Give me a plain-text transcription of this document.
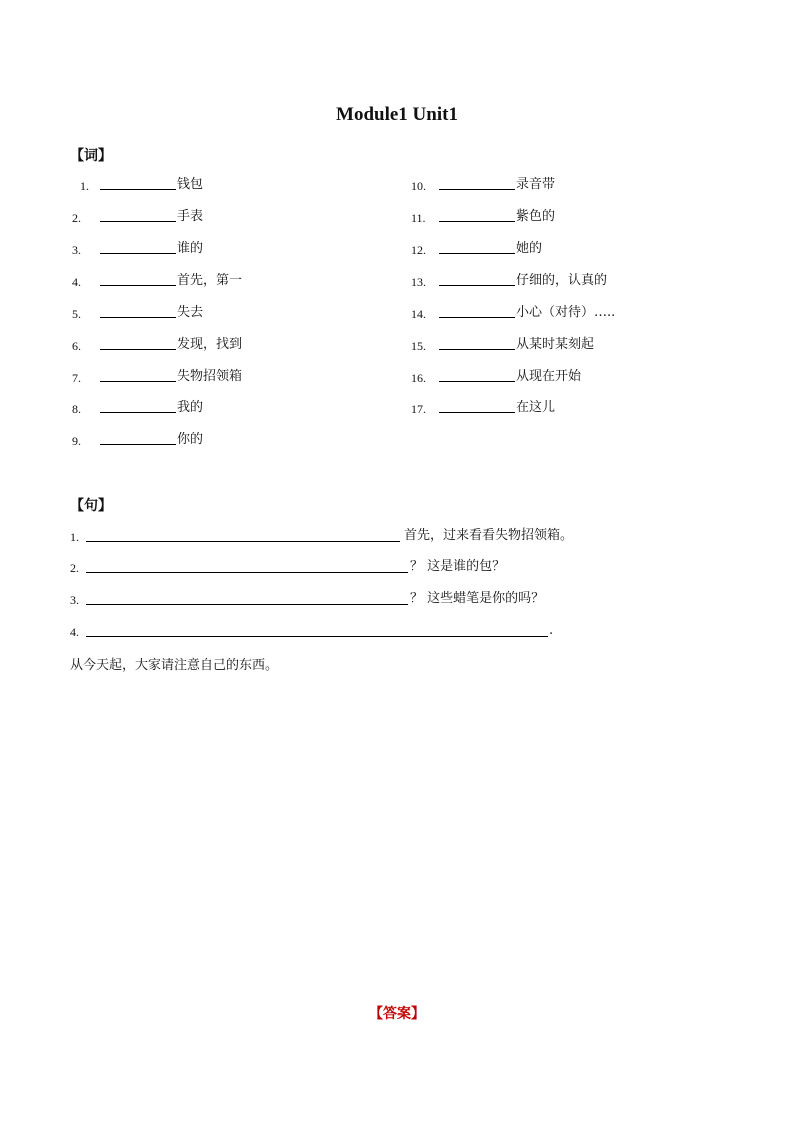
Module1 Unit1
【词】
1.	钱包
2.	手表
3.	谁的
4.	首先，第一
5.	失去
6.	发现，找到
7.	失物招领箱
8.	我的
9.	你的
10.	录音带
11.	紫色的
12.	她的
13.	仔细的，认真的
14.	小心（对待）…..
15.	从某时某刻起
16.	从现在开始
17.	在这儿
【句】
1.	首先，过来看看失物招领箱。
2.	？ 这是谁的包？
3.	？ 这些蜡笔是你的吗？
4.	.
从今天起，大家请注意自己的东西。
【答案】
